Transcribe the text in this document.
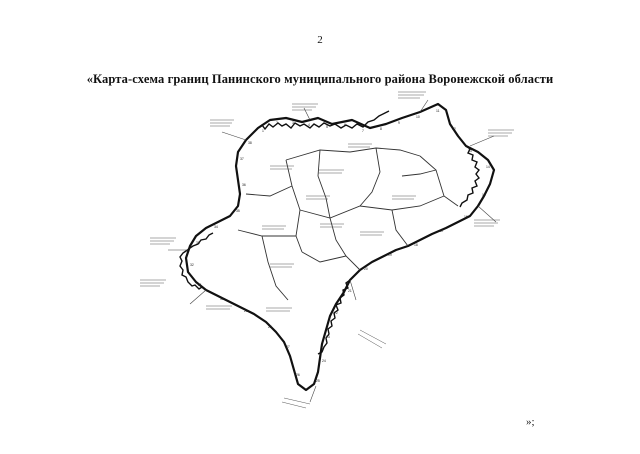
2
«Карта-схема границ Панинского муниципального района Воронежской области
1
2	3	4	5	6
7	8
9
10
11
12
13
14
15
16
17
18
19
20
21
22
23
24
25
26
27
28
29
30
31
32
33
34
35
36
37
38
»;
